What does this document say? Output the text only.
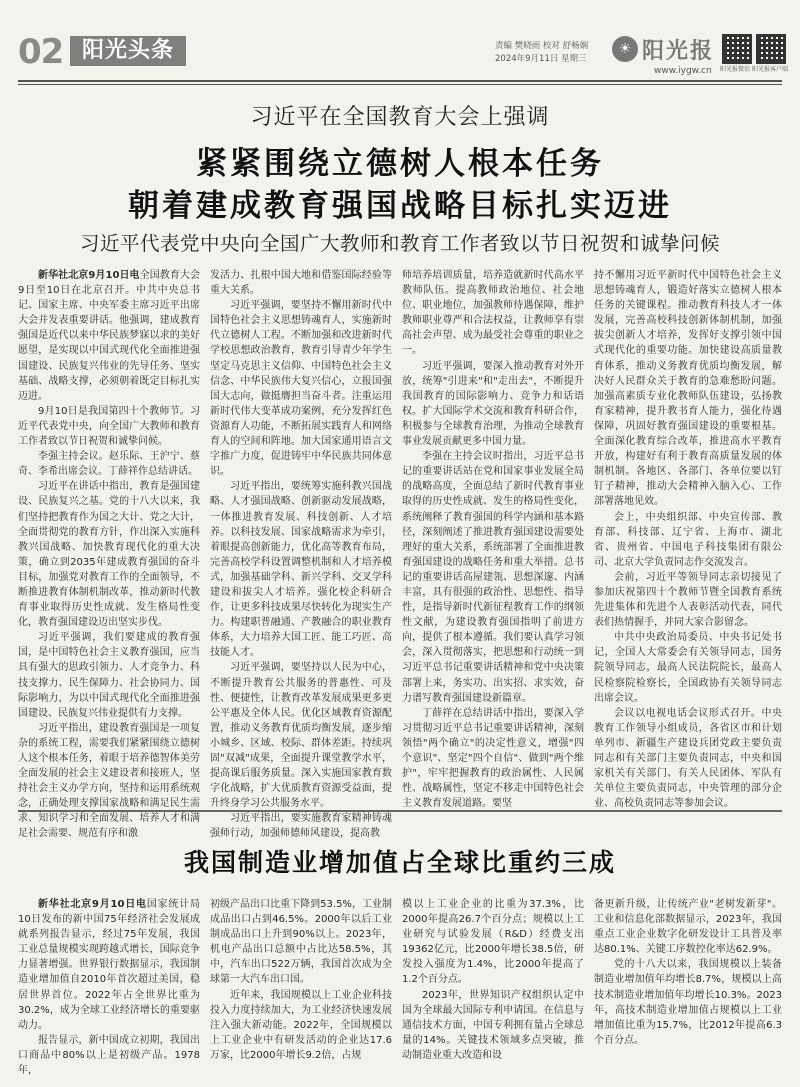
02 阳光头条	责编 樊晓雨 校对 舒畅娴
2024年9月11日 星期三
☀ 阳光报
www.iygw.cn 阳光报微信 阳光报客户端
习近平在全国教育大会上强调
紧紧围绕立德树人根本任务
朝着建成教育强国战略目标扎实迈进
习近平代表党中央向全国广大教师和教育工作者致以节日祝贺和诚挚问候

新华社北京9月10日电全国教育大会9日至10日在北京召开。中共中央总书记、国家主席、中央军委主席习近平出席大会并发表重要讲话。他强调，建成教育强国是近代以来中华民族梦寐以求的美好愿望，是实现以中国式现代化全面推进强国建设、民族复兴伟业的先导任务、坚实基础、战略支撑，必须朝着既定目标扎实迈进。

9月10日是我国第四十个教师节。习近平代表党中央，向全国广大教师和教育工作者致以节日祝贺和诚挚问候。

李强主持会议。赵乐际、王沪宁、蔡奇、李希出席会议。丁薛祥作总结讲话。

习近平在讲话中指出，教育是强国建设、民族复兴之基。党的十八大以来，我们坚持把教育作为国之大计、党之大计，全面贯彻党的教育方针，作出深入实施科教兴国战略、加快教育现代化的重大决策，确立到2035年建成教育强国的奋斗目标，加强党对教育工作的全面领导，不断推进教育体制机制改革，推动新时代教育事业取得历史性成就、发生格局性变化，教育强国建设迈出坚实步伐。

习近平强调，我们要建成的教育强国，是中国特色社会主义教育强国，应当具有强大的思政引领力、人才竞争力、科技支撑力、民生保障力、社会协同力、国际影响力，为以中国式现代化全面推进强国建设、民族复兴伟业提供有力支撑。

习近平指出，建设教育强国是一项复杂的系统工程，需要我们紧紧围绕立德树人这个根本任务，着眼于培养德智体美劳全面发展的社会主义建设者和接班人，坚持社会主义办学方向，坚持和运用系统观念，正确处理支撑国家战略和满足民生需求、知识学习和全面发展、培养人才和满足社会需要、规范有序和激

发活力、扎根中国大地和借鉴国际经验等重大关系。

习近平强调，要坚持不懈用新时代中国特色社会主义思想铸魂育人，实施新时代立德树人工程。不断加强和改进新时代学校思想政治教育，教育引导青少年学生坚定马克思主义信仰、中国特色社会主义信念、中华民族伟大复兴信心，立报国强国大志向，做挺膺担当奋斗者。注重运用新时代伟大变革成功案例，充分发挥红色资源育人功能，不断拓展实践育人和网络育人的空间和阵地。加大国家通用语言文字推广力度，促进铸牢中华民族共同体意识。

习近平指出，要统筹实施科教兴国战略、人才强国战略、创新驱动发展战略，一体推进教育发展、科技创新、人才培养。以科技发展、国家战略需求为牵引，着眼提高创新能力，优化高等教育布局，完善高校学科设置调整机制和人才培养模式，加强基础学科、新兴学科、交叉学科建设和拔尖人才培养。强化校企科研合作，让更多科技成果尽快转化为现实生产力。构建职普融通、产教融合的职业教育体系，大力培养大国工匠、能工巧匠、高技能人才。

习近平强调，要坚持以人民为中心，不断提升教育公共服务的普惠性、可及性、便捷性，让教育改革发展成果更多更公平惠及全体人民。优化区域教育资源配置，推动义务教育优质均衡发展，逐步缩小城乡、区域、校际、群体差距。持续巩固"双减"成果，全面提升课堂教学水平，提高课后服务质量。深入实施国家教育数字化战略，扩大优质教育资源受益面，提升终身学习公共服务水平。

习近平指出，要实施教育家精神铸魂强师行动，加强师德师风建设，提高教

师培养培训质量，培养造就新时代高水平教师队伍。提高教师政治地位、社会地位、职业地位，加强教师待遇保障，维护教师职业尊严和合法权益，让教师享有崇高社会声望、成为最受社会尊重的职业之一。

习近平强调，要深入推动教育对外开放，统筹"引进来"和"走出去"，不断提升我国教育的国际影响力、竞争力和话语权。扩大国际学术交流和教育科研合作，积极参与全球教育治理，为推动全球教育事业发展贡献更多中国力量。

李强在主持会议时指出，习近平总书记的重要讲话站在党和国家事业发展全局的战略高度，全面总结了新时代教育事业取得的历史性成就、发生的格局性变化，系统阐释了教育强国的科学内涵和基本路径，深刻阐述了推进教育强国建设需要处理好的重大关系，系统部署了全面推进教育强国建设的战略任务和重大举措。总书记的重要讲话高屋建瓴、思想深邃、内涵丰富，具有很强的政治性、思想性、指导性，是指导新时代新征程教育工作的纲领性文献，为建设教育强国指明了前进方向，提供了根本遵循。我们要认真学习领会，深入贯彻落实，把思想和行动统一到习近平总书记重要讲话精神和党中央决策部署上来，务实功、出实招、求实效，奋力谱写教育强国建设新篇章。

丁薛祥在总结讲话中指出，要深入学习贯彻习近平总书记重要讲话精神，深刻领悟"两个确立"的决定性意义，增强"四个意识"、坚定"四个自信"、做到"两个维护"，牢牢把握教育的政治属性、人民属性、战略属性，坚定不移走中国特色社会主义教育发展道路。要坚

持不懈用习近平新时代中国特色社会主义思想铸魂育人，锻造好落实立德树人根本任务的关键课程。推动教育科技人才一体发展，完善高校科技创新体制机制，加强拔尖创新人才培养，发挥好支撑引领中国式现代化的重要功能。加快建设高质量教育体系，推动义务教育优质均衡发展，解决好人民群众关于教育的急难愁盼问题。加强高素质专业化教师队伍建设，弘扬教育家精神，提升教书育人能力，强化待遇保障，巩固好教育强国建设的重要根基。全面深化教育综合改革，推进高水平教育开放，构建好有利于教育高质量发展的体制机制。各地区、各部门、各单位要以钉钉子精神，推动大会精神入脑入心、工作部署落地见效。

会上，中央组织部、中央宣传部、教育部、科技部、辽宁省、上海市、湖北省、贵州省、中国电子科技集团有限公司、北京大学负责同志作交流发言。

会前，习近平等领导同志亲切接见了参加庆祝第四十个教师节暨全国教育系统先进集体和先进个人表彰活动代表，同代表们热情握手，并同大家合影留念。

中共中央政治局委员、中央书记处书记，全国人大常委会有关领导同志，国务院领导同志，最高人民法院院长，最高人民检察院检察长，全国政协有关领导同志出席会议。

会议以电视电话会议形式召开。中央教育工作领导小组成员，各省区市和计划单列市、新疆生产建设兵团党政主要负责同志和有关部门主要负责同志，中央和国家机关有关部门、有关人民团体、军队有关单位主要负责同志，中央管理的部分企业、高校负责同志等参加会议。

我国制造业增加值占全球比重约三成

新华社北京9月10日电国家统计局10日发布的新中国75年经济社会发展成就系列报告显示，经过75年发展，我国工业总量规模实现跨越式增长，国际竞争力显著增强。世界银行数据显示，我国制造业增加值自2010年首次超过美国，稳居世界首位。2022年占全世界比重为30.2%，成为全球工业经济增长的重要驱动力。

报告显示，新中国成立初期，我国出口商品中80%以上是初级产品。1978年，

初级产品出口比重下降到53.5%，工业制成品出口占到46.5%。2000年以后工业制成品出口上升到90%以上。2023年，机电产品出口总额中占比达58.5%，其中，汽车出口522万辆，我国首次成为全球第一大汽车出口国。

近年来，我国规模以上工业企业科技投入力度持续加大，为工业经济快速发展注入强大新动能。2022年，全国规模以上工业企业中有研发活动的企业达17.6万家，比2000年增长9.2倍，占规

模以上工业企业的比重为37.3%，比2000年提高26.7个百分点；规模以上工业研究与试验发展（R&D）经费支出19362亿元，比2000年增长38.5倍，研发投入强度为1.4%，比2000年提高了1.2个百分点。

2023年，世界知识产权组织认定中国为全球最大国际专利申请国。在信息与通信技术方面，中国专利拥有量占全球总量的14%。关键技术领域多点突破，推动制造业重大改造和设

备更新升级，让传统产业"老树发新芽"。工业和信息化部数据显示，2023年，我国重点工业企业数字化研发设计工具普及率达80.1%、关键工序数控化率达62.9%。

党的十八大以来，我国规模以上装备制造业增加值年均增长8.7%，规模以上高技术制造业增加值年均增长10.3%。2023年，高技术制造业增加值占规模以上工业增加值比重为15.7%，比2012年提高6.3个百分点。
